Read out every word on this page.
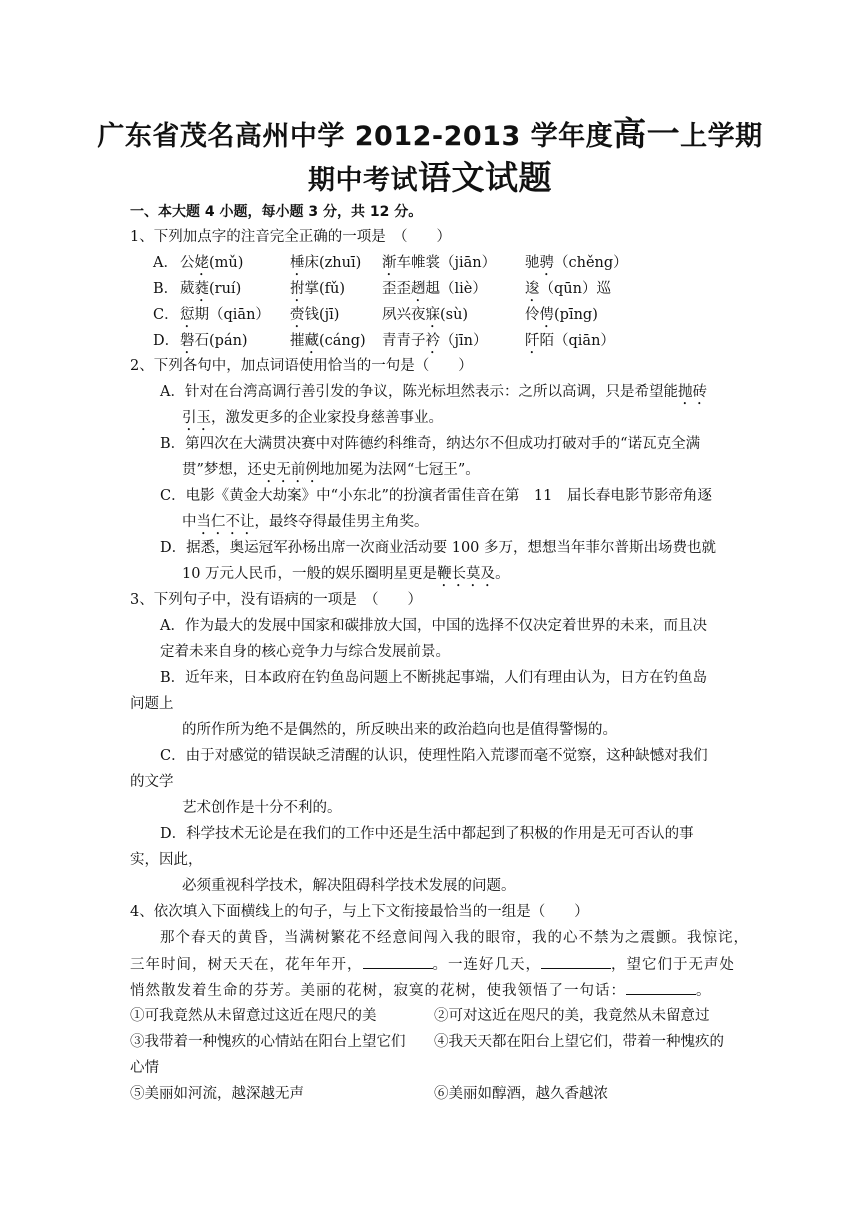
广东省茂名高州中学 2012-2013 学年度高一上学期
期中考试语文试题
一、本大题 4 小题，每小题 3 分，共 12 分。
1、下列加点字的注音完全正确的一项是　（　　）
A． 公姥(mǔ)	棰床(zhuī) 渐车帷裳（jiān） 驰骋（chěng）
B． 葳蕤(ruí)	拊掌(fǔ)	歪歪趔趄（liè）	逡（qūn）巡
C． 愆期（qiān） 赍钱(jī)	夙兴夜寐(sù)	伶俜(pīng)
D． 磐石(pán)	摧藏(cáng) 青青子衿（jīn）	阡陌（qiān）
2、下列各句中，加点词语使用恰当的一句是（　　）
A．针对在台湾高调行善引发的争议，陈光标坦然表示：之所以高调，只是希望能抛砖
引玉，激发更多的企业家投身慈善事业。
B．第四次在大满贯决赛中对阵德约科维奇，纳达尔不但成功打破对手的“诺瓦克全满
贯”梦想，还史无前例地加冕为法网“七冠王”。
C．电影《黄金大劫案》中“小东北”的扮演者雷佳音在第　11　届长春电影节影帝角逐
中当仁不让，最终夺得最佳男主角奖。
D．据悉，奥运冠军孙杨出席一次商业活动要 100 多万，想想当年菲尔普斯出场费也就
10 万元人民币，一般的娱乐圈明星更是鞭长莫及。
3、下列句子中，没有语病的一项是　（　　）
A．作为最大的发展中国家和碳排放大国，中国的选择不仅决定着世界的未来，而且决
定着未来自身的核心竞争力与综合发展前景。
B．近年来，日本政府在钓鱼岛问题上不断挑起事端，人们有理由认为，日方在钓鱼岛
问题上
的所作所为绝不是偶然的，所反映出来的政治趋向也是值得警惕的。
C．由于对感觉的错误缺乏清醒的认识，使理性陷入荒谬而毫不觉察，这种缺憾对我们
的文学
艺术创作是十分不利的。
D．科学技术无论是在我们的工作中还是生活中都起到了积极的作用是无可否认的事
实，因此，
必须重视科学技术，解决阻碍科学技术发展的问题。
4、依次填入下面横线上的句子，与上下文衔接最恰当的一组是（　　）
那个春天的黄昏，当满树繁花不经意间闯入我的眼帘，我的心不禁为之震颤。我惊诧，
三年时间，树天天在，花年年开，	。一连好几天，	，望它们于无声处
悄然散发着生命的芬芳。美丽的花树，寂寞的花树，使我领悟了一句话：	。
①可我竟然从未留意过这近在咫尺的美	②可对这近在咫尺的美，我竟然从未留意过
③我带着一种愧疚的心情站在阳台上望它们 ④我天天都在阳台上望它们，带着一种愧疚的
心情
⑤美丽如河流，越深越无声	⑥美丽如醇酒，越久香越浓
